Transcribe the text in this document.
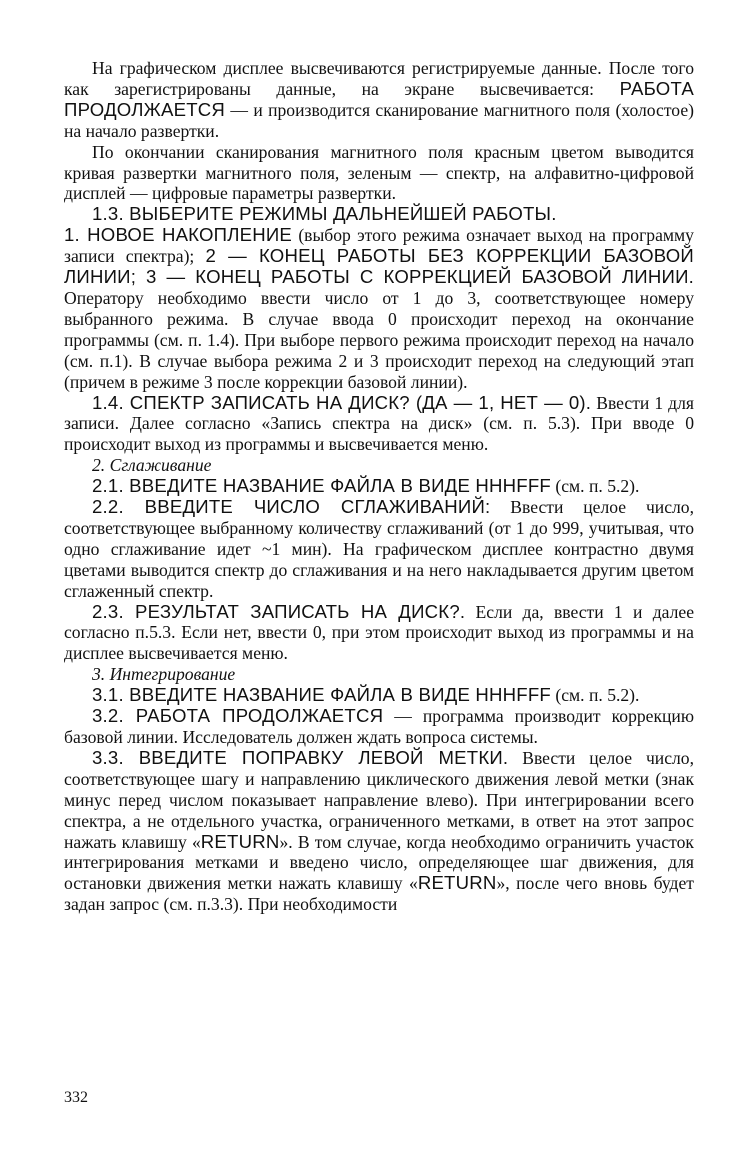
На графическом дисплее высвечиваются регистрируемые данные. После того как зарегистрированы данные, на экране высвечивается: РАБОТА ПРОДОЛЖАЕТСЯ — и производится сканирование магнитного поля (холостое) на начало развертки.

По окончании сканирования магнитного поля красным цветом выводится кривая развертки магнитного поля, зеленым — спектр, на алфавитно-цифровой дисплей — цифровые параметры развертки.

1.3. ВЫБЕРИТЕ РЕЖИМЫ ДАЛЬНЕЙШЕЙ РАБОТЫ.

1. НОВОЕ НАКОПЛЕНИЕ (выбор этого режима означает выход на программу записи спектра); 2 — КОНЕЦ РАБОТЫ БЕЗ КОРРЕКЦИИ БАЗОВОЙ ЛИНИИ; 3 — КОНЕЦ РАБОТЫ С КОРРЕКЦИЕЙ БАЗОВОЙ ЛИНИИ. Оператору необходимо ввести число от 1 до 3, соответствующее номеру выбранного режима. В случае ввода 0 происходит переход на окончание программы (см. п. 1.4). При выборе первого режима происходит переход на начало (см. п.1). В случае выбора режима 2 и 3 происходит переход на следующий этап (причем в режиме 3 после коррекции базовой линии).

1.4. СПЕКТР ЗАПИСАТЬ НА ДИСК? (ДА — 1, НЕТ — 0). Ввести 1 для записи. Далее согласно «Запись спектра на диск» (см. п. 5.3). При вводе 0 происходит выход из программы и высвечивается меню.

2. Сглаживание

2.1. ВВЕДИТЕ НАЗВАНИЕ ФАЙЛА В ВИДЕ HHHFFF (см. п. 5.2).

2.2. ВВЕДИТЕ ЧИСЛО СГЛАЖИВАНИЙ: Ввести целое число, соответствующее выбранному количеству сглаживаний (от 1 до 999, учитывая, что одно сглаживание идет ~1 мин). На графическом дисплее контрастно двумя цветами выводится спектр до сглаживания и на него накладывается другим цветом сглаженный спектр.

2.3. РЕЗУЛЬТАТ ЗАПИСАТЬ НА ДИСК?. Если да, ввести 1 и далее согласно п.5.3. Если нет, ввести 0, при этом происходит выход из программы и на дисплее высвечивается меню.

3. Интегрирование

3.1. ВВЕДИТЕ НАЗВАНИЕ ФАЙЛА В ВИДЕ HHHFFF (см. п. 5.2).

3.2. РАБОТА ПРОДОЛЖАЕТСЯ — программа производит коррекцию базовой линии. Исследователь должен ждать вопроса системы.

3.3. ВВЕДИТЕ ПОПРАВКУ ЛЕВОЙ МЕТКИ. Ввести целое число, соответствующее шагу и направлению циклического движения левой метки (знак минус перед числом показывает направление влево). При интегрировании всего спектра, а не отдельного участка, ограниченного метками, в ответ на этот запрос нажать клавишу «RETURN». В том случае, когда необходимо ограничить участок интегрирования метками и введено число, определяющее шаг движения, для остановки движения метки нажать клавишу «RETURN», после чего вновь будет задан запрос (см. п.3.3). При необходимости

332
